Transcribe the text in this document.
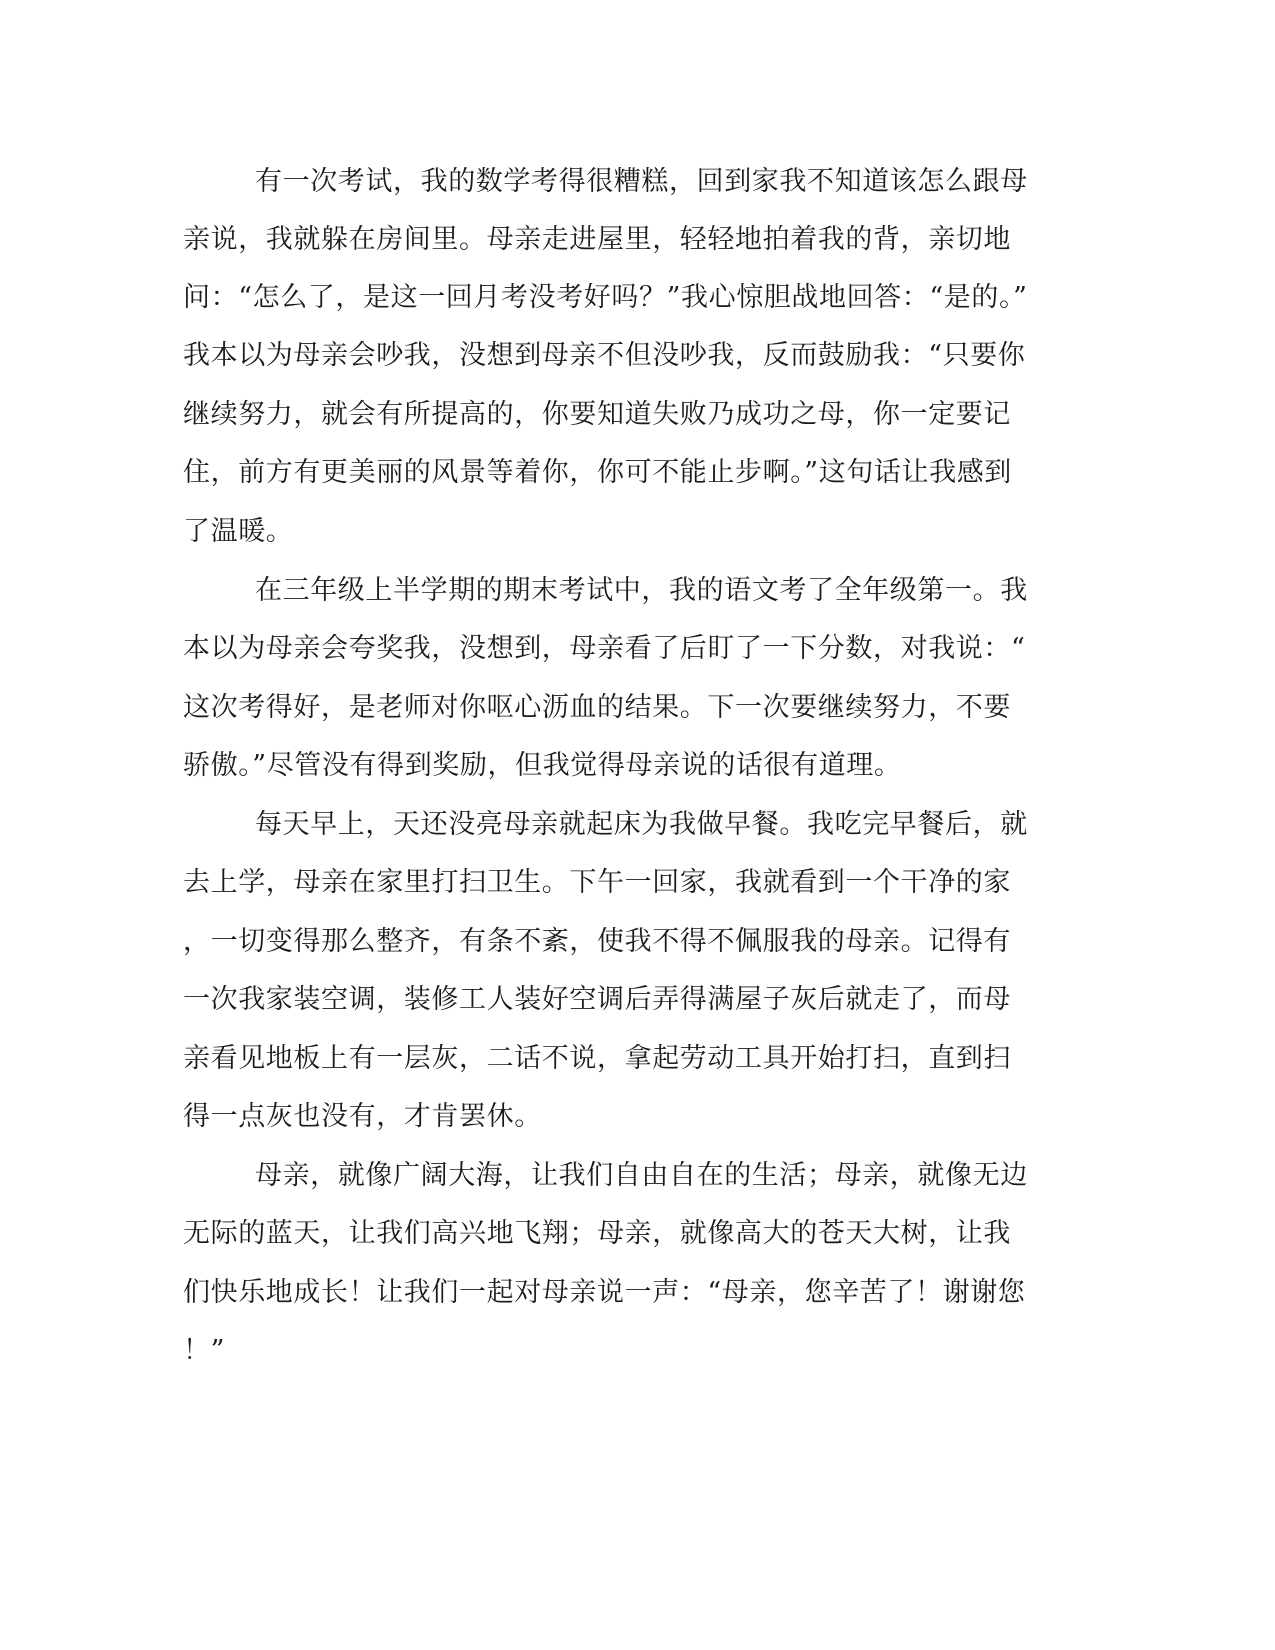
有一次考试，我的数学考得很糟糕，回到家我不知道该怎么跟母
亲说，我就躲在房间里。母亲走进屋里，轻轻地拍着我的背，亲切地
问：“怎么了，是这一回月考没考好吗？”我心惊胆战地回答：“是的。”
我本以为母亲会吵我，没想到母亲不但没吵我，反而鼓励我：“只要你
继续努力，就会有所提高的，你要知道失败乃成功之母，你一定要记
住，前方有更美丽的风景等着你，你可不能止步啊。”这句话让我感到
了温暖。
在三年级上半学期的期末考试中，我的语文考了全年级第一。我
本以为母亲会夸奖我，没想到，母亲看了后盯了一下分数，对我说：“
这次考得好，是老师对你呕心沥血的结果。下一次要继续努力，不要
骄傲。”尽管没有得到奖励，但我觉得母亲说的话很有道理。
每天早上，天还没亮母亲就起床为我做早餐。我吃完早餐后，就
去上学，母亲在家里打扫卫生。下午一回家，我就看到一个干净的家
，一切变得那么整齐，有条不紊，使我不得不佩服我的母亲。记得有
一次我家装空调，装修工人装好空调后弄得满屋子灰后就走了，而母
亲看见地板上有一层灰，二话不说，拿起劳动工具开始打扫，直到扫
得一点灰也没有，才肯罢休。
母亲，就像广阔大海，让我们自由自在的生活；母亲，就像无边
无际的蓝天，让我们高兴地飞翔；母亲，就像高大的苍天大树，让我
们快乐地成长！让我们一起对母亲说一声：“母亲，您辛苦了！谢谢您
！”
